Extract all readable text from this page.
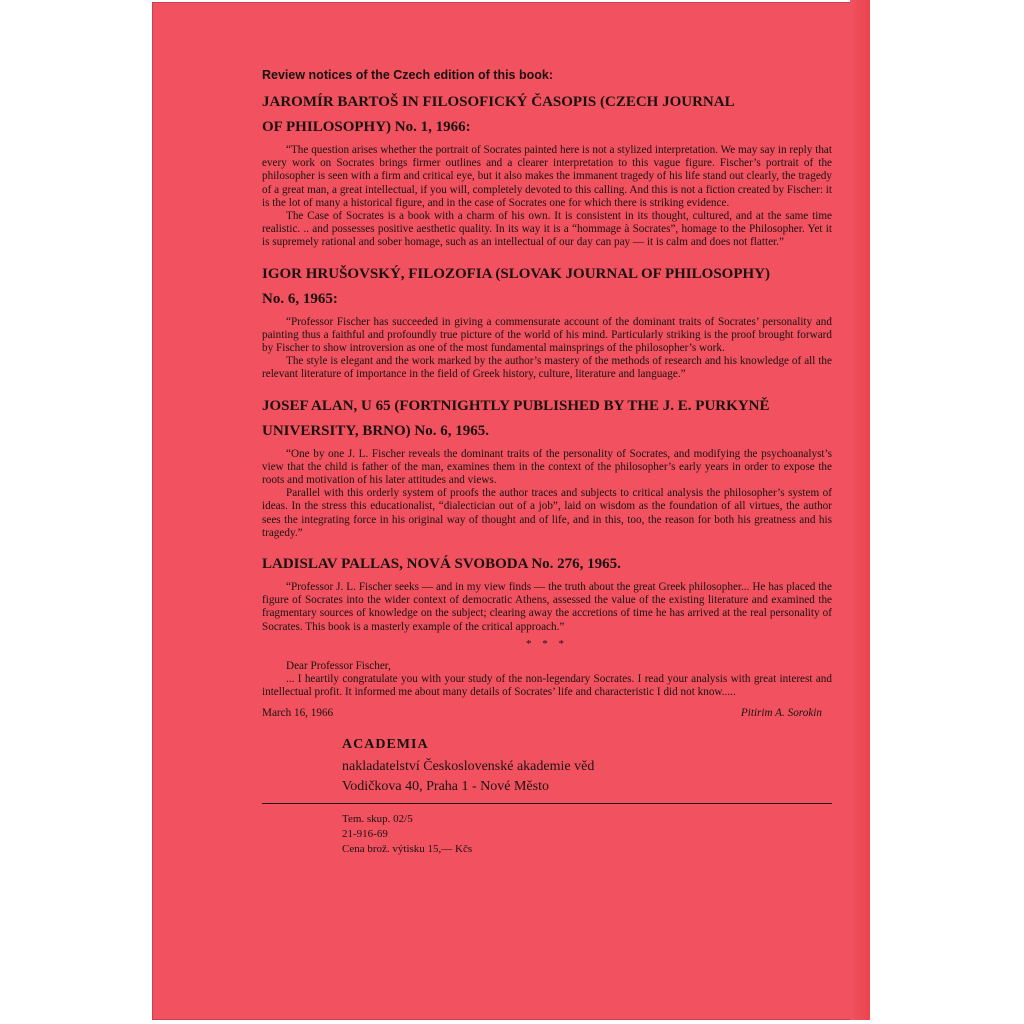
Review notices of the Czech edition of this book:

JAROMÍR BARTOŠ IN FILOSOFICKÝ ČASOPIS (CZECH JOURNAL
OF PHILOSOPHY) No. 1, 1966:

“The question arises whether the portrait of Socrates painted here is not a stylized interpretation. We may say in reply that every work on Socrates brings firmer outlines and a clearer interpretation to this vague figure. Fischer’s portrait of the philosopher is seen with a firm and critical eye, but it also makes the immanent tragedy of his life stand out clearly, the tragedy of a great man, a great intellectual, if you will, completely devoted to this calling. And this is not a fiction created by Fischer: it is the lot of many a historical figure, and in the case of Socrates one for which there is striking evidence.

The Case of Socrates is a book with a charm of his own. It is consistent in its thought, cultured, and at the same time realistic. .. and possesses positive aesthetic quality. In its way it is a “hommage à Socrates”, homage to the Philosopher. Yet it is supremely rational and sober homage, such as an intellectual of our day can pay — it is calm and does not flatter.”

IGOR HRUŠOVSKÝ, FILOZOFIA (SLOVAK JOURNAL OF PHILOSOPHY)
No. 6, 1965:

“Professor Fischer has succeeded in giving a commensurate account of the dominant traits of Socrates’ personality and painting thus a faithful and profoundly true picture of the world of his mind. Particularly striking is the proof brought forward by Fischer to show introversion as one of the most fundamental mainsprings of the philosopher’s work.

The style is elegant and the work marked by the author’s mastery of the methods of research and his knowledge of all the relevant literature of importance in the field of Greek history, culture, literature and language.”

JOSEF ALAN, U 65 (FORTNIGHTLY PUBLISHED BY THE J. E. PURKYNĚ
UNIVERSITY, BRNO) No. 6, 1965.

“One by one J. L. Fischer reveals the dominant traits of the personality of Socrates, and modifying the psychoanalyst’s view that the child is father of the man, examines them in the context of the philosopher’s early years in order to expose the roots and motivation of his later attitudes and views.

Parallel with this orderly system of proofs the author traces and subjects to critical analysis the philosopher’s system of ideas. In the stress this educationalist, “dialectician out of a job”, laid on wisdom as the foundation of all virtues, the author sees the integrating force in his original way of thought and of life, and in this, too, the reason for both his greatness and his tragedy.”

LADISLAV PALLAS, NOVÁ SVOBODA No. 276, 1965.

“Professor J. L. Fischer seeks — and in my view finds — the truth about the great Greek philosopher... He has placed the figure of Socrates into the wider context of democratic Athens, assessed the value of the existing literature and examined the fragmentary sources of knowledge on the subject; clearing away the accretions of time he has arrived at the real personality of Socrates. This book is a masterly example of the critical approach.”

* * *

Dear Professor Fischer,

... I heartily congratulate you with your study of the non-legendary Socrates. I read your analysis with great interest and intellectual profit. It informed me about many details of Socrates’ life and characteristic I did not know.....

March 16, 1966	Pitirim A. Sorokin

ACADEMIA

nakladatelství Československé akademie věd

Vodičkova 40, Praha 1 - Nové Město

Tem. skup. 02/5

21-916-69

Cena brož. výtisku 15,— Kčs
